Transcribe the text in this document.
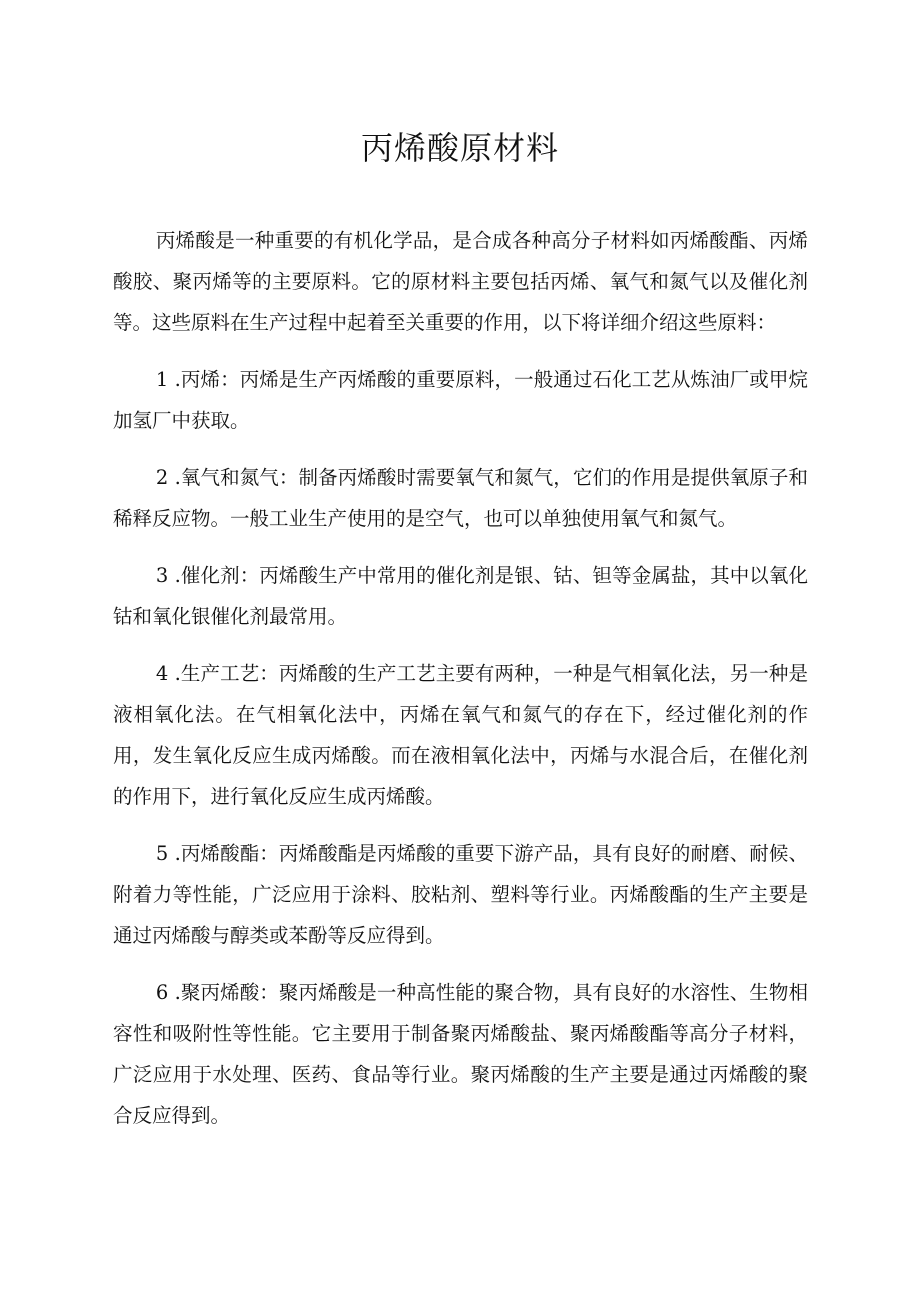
丙烯酸原材料

丙烯酸是一种重要的有机化学品，是合成各种高分子材料如丙烯酸酯、丙烯酸胶、聚丙烯等的主要原料。它的原材料主要包括丙烯、氧气和氮气以及催化剂等。这些原料在生产过程中起着至关重要的作用，以下将详细介绍这些原料：

1 .丙烯：丙烯是生产丙烯酸的重要原料，一般通过石化工艺从炼油厂或甲烷加氢厂中获取。

2 .氧气和氮气：制备丙烯酸时需要氧气和氮气，它们的作用是提供氧原子和稀释反应物。一般工业生产使用的是空气，也可以单独使用氧气和氮气。

3 .催化剂：丙烯酸生产中常用的催化剂是银、钴、钽等金属盐，其中以氧化钴和氧化银催化剂最常用。

4 .生产工艺：丙烯酸的生产工艺主要有两种，一种是气相氧化法，另一种是液相氧化法。在气相氧化法中，丙烯在氧气和氮气的存在下，经过催化剂的作用，发生氧化反应生成丙烯酸。而在液相氧化法中，丙烯与水混合后，在催化剂的作用下，进行氧化反应生成丙烯酸。

5 .丙烯酸酯：丙烯酸酯是丙烯酸的重要下游产品，具有良好的耐磨、耐候、附着力等性能，广泛应用于涂料、胶粘剂、塑料等行业。丙烯酸酯的生产主要是通过丙烯酸与醇类或苯酚等反应得到。

6 .聚丙烯酸：聚丙烯酸是一种高性能的聚合物，具有良好的水溶性、生物相容性和吸附性等性能。它主要用于制备聚丙烯酸盐、聚丙烯酸酯等高分子材料，广泛应用于水处理、医药、食品等行业。聚丙烯酸的生产主要是通过丙烯酸的聚合反应得到。
